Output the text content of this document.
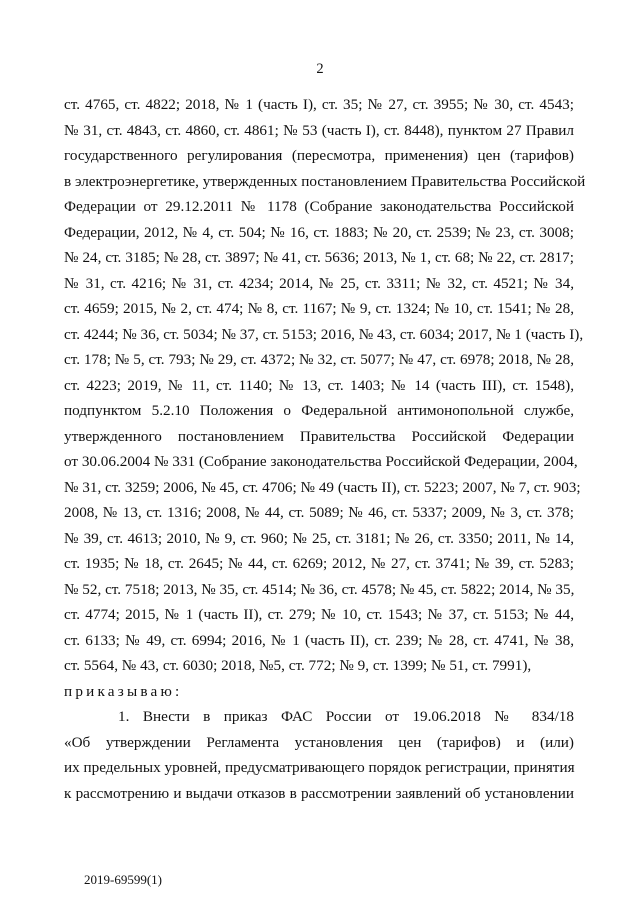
2
ст. 4765, ст. 4822; 2018, № 1 (часть I), ст. 35; № 27, ст. 3955; № 30, ст. 4543;
№ 31, ст. 4843, ст. 4860, ст. 4861; № 53 (часть I), ст. 8448), пунктом 27 Правил
государственного регулирования (пересмотра, применения) цен (тарифов)
в электроэнергетике, утвержденных постановлением Правительства Российской
Федерации от 29.12.2011 № 1178 (Собрание законодательства Российской
Федерации, 2012, № 4, ст. 504; № 16, ст. 1883; № 20, ст. 2539; № 23, ст. 3008;
№ 24, ст. 3185; № 28, ст. 3897; № 41, ст. 5636; 2013, № 1, ст. 68; № 22, ст. 2817;
№ 31, ст. 4216; № 31, ст. 4234; 2014, № 25, ст. 3311; № 32, ст. 4521; № 34,
ст. 4659; 2015, № 2, ст. 474; № 8, ст. 1167; № 9, ст. 1324; № 10, ст. 1541; № 28,
ст. 4244; № 36, ст. 5034; № 37, ст. 5153; 2016, № 43, ст. 6034; 2017, № 1 (часть I),
ст. 178; № 5, ст. 793; № 29, ст. 4372; № 32, ст. 5077; № 47, ст. 6978; 2018, № 28,
ст. 4223; 2019, № 11, ст. 1140; № 13, ст. 1403; № 14 (часть III), ст. 1548),
подпунктом 5.2.10 Положения о Федеральной антимонопольной службе,
утвержденного постановлением Правительства Российской Федерации
от 30.06.2004 № 331 (Собрание законодательства Российской Федерации, 2004,
№ 31, ст. 3259; 2006, № 45, ст. 4706; № 49 (часть II), ст. 5223; 2007, № 7, ст. 903;
2008, № 13, ст. 1316; 2008, № 44, ст. 5089; № 46, ст. 5337; 2009, № 3, ст. 378;
№ 39, ст. 4613; 2010, № 9, ст. 960; № 25, ст. 3181; № 26, ст. 3350; 2011, № 14,
ст. 1935; № 18, ст. 2645; № 44, ст. 6269; 2012, № 27, ст. 3741; № 39, ст. 5283;
№ 52, ст. 7518; 2013, № 35, ст. 4514; № 36, ст. 4578; № 45, ст. 5822; 2014, № 35,
ст. 4774; 2015, № 1 (часть II), ст. 279; № 10, ст. 1543; № 37, ст. 5153; № 44,
ст. 6133; № 49, ст. 6994; 2016, № 1 (часть II), ст. 239; № 28, ст. 4741, № 38,
ст. 5564, № 43, ст. 6030; 2018, №5, ст. 772; № 9, ст. 1399; № 51, ст. 7991),
приказываю:
1. Внести в приказ ФАС России от 19.06.2018 № 834/18
«Об утверждении Регламента установления цен (тарифов) и (или)
их предельных уровней, предусматривающего порядок регистрации, принятия
к рассмотрению и выдачи отказов в рассмотрении заявлений об установлении
2019-69599(1)
